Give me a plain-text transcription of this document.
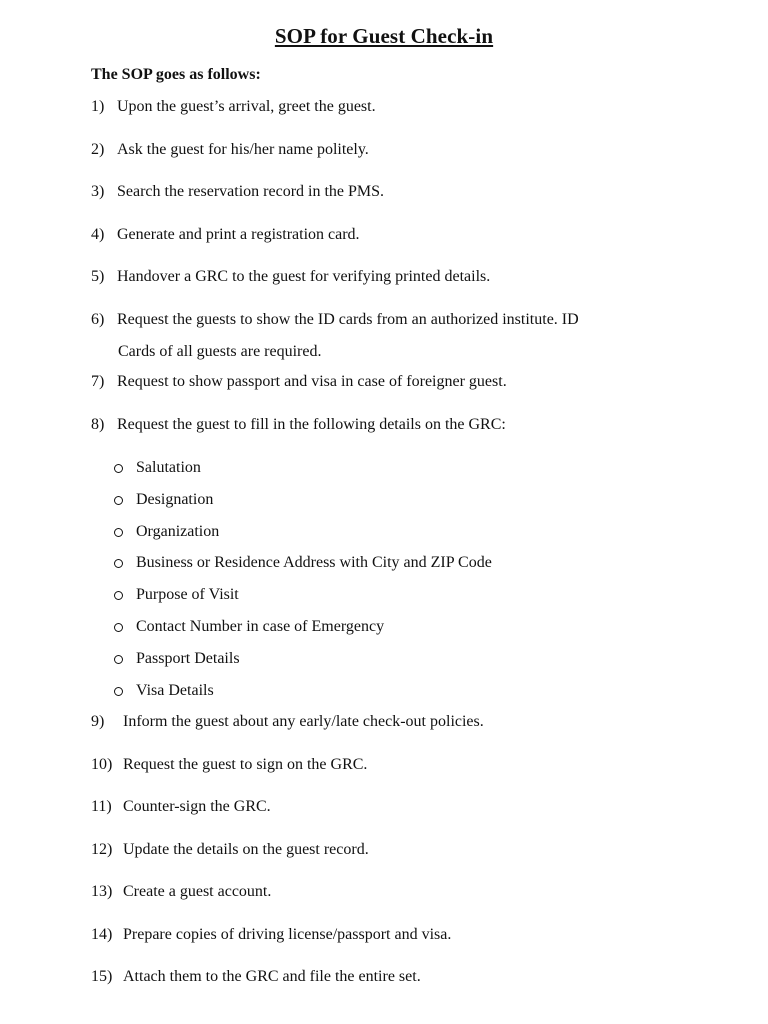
SOP for Guest Check-in
The SOP goes as follows:
1) Upon the guest’s arrival, greet the guest.
2) Ask the guest for his/her name politely.
3) Search the reservation record in the PMS.
4) Generate and print a registration card.
5) Handover a GRC to the guest for verifying printed details.
6) Request the guests to show the ID cards from an authorized institute. ID
Cards of all guests are required.
7) Request to show passport and visa in case of foreigner guest.
8) Request the guest to fill in the following details on the GRC:
Salutation
Designation
Organization
Business or Residence Address with City and ZIP Code
Purpose of Visit
Contact Number in case of Emergency
Passport Details
Visa Details
9) Inform the guest about any early/late check-out policies.
10) Request the guest to sign on the GRC.
11) Counter-sign the GRC.
12) Update the details on the guest record.
13) Create a guest account.
14) Prepare copies of driving license/passport and visa.
15) Attach them to the GRC and file the entire set.
